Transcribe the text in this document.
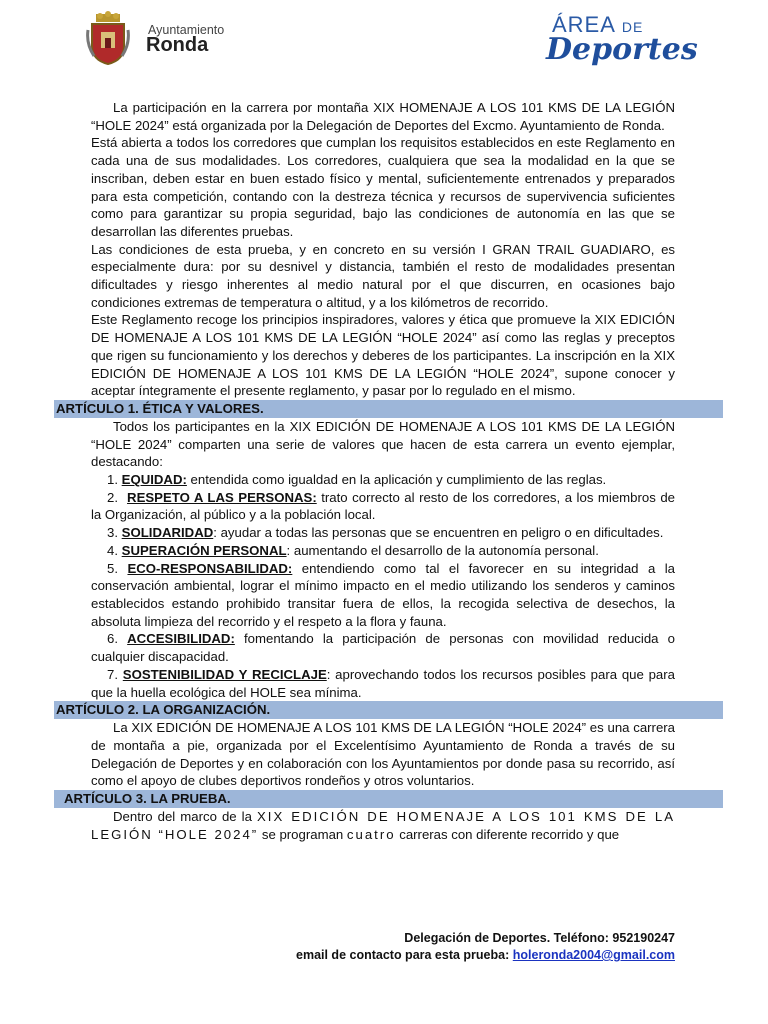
Ayuntamiento
Ronda
ÁREA DE
Deportes

La participación en la carrera por montaña XIX HOMENAJE A LOS 101 KMS DE LA LEGIÓN “HOLE 2024” está organizada por la Delegación de Deportes del Excmo. Ayuntamiento de Ronda.

Está abierta a todos los corredores que cumplan los requisitos establecidos en este Reglamento en cada una de sus modalidades. Los corredores, cualquiera que sea la modalidad en la que se inscriban, deben estar en buen estado físico y mental, suficientemente entrenados y preparados para esta competición, contando con la destreza técnica y recursos de supervivencia suficientes como para garantizar su propia seguridad, bajo las condiciones de autonomía en las que se desarrollan las diferentes pruebas.

Las condiciones de esta prueba, y en concreto en su versión I GRAN TRAIL GUADIARO, es especialmente dura: por su desnivel y distancia, también el resto de modalidades presentan dificultades y riesgo inherentes al medio natural por el que discurren, en ocasiones bajo condiciones extremas de temperatura o altitud, y a los kilómetros de recorrido.

Este Reglamento recoge los principios inspiradores, valores y ética que promueve la XIX EDICIÓN DE HOMENAJE A LOS 101 KMS DE LA LEGIÓN “HOLE 2024” así como las reglas y preceptos que rigen su funcionamiento y los derechos y deberes de los participantes. La inscripción en la XIX EDICIÓN DE HOMENAJE A LOS 101 KMS DE LA LEGIÓN “HOLE 2024”, supone conocer y aceptar íntegramente el presente reglamento, y pasar por lo regulado en el mismo.

ARTÍCULO 1. ÉTICA Y VALORES.

Todos los participantes en la XIX EDICIÓN DE HOMENAJE A LOS 101 KMS DE LA LEGIÓN “HOLE 2024” comparten una serie de valores que hacen de esta carrera un evento ejemplar, destacando:

1. EQUIDAD: entendida como igualdad en la aplicación y cumplimiento de las reglas.

2. RESPETO A LAS PERSONAS: trato correcto al resto de los corredores, a los miembros de la Organización, al público y a la población local.

3. SOLIDARIDAD: ayudar a todas las personas que se encuentren en peligro o en dificultades.

4. SUPERACIÓN PERSONAL: aumentando el desarrollo de la autonomía personal.

5. ECO-RESPONSABILIDAD: entendiendo como tal el favorecer en su integridad a la conservación ambiental, lograr el mínimo impacto en el medio utilizando los senderos y caminos establecidos estando prohibido transitar fuera de ellos, la recogida selectiva de desechos, la absoluta limpieza del recorrido y el respeto a la flora y fauna.

6. ACCESIBILIDAD: fomentando la participación de personas con movilidad reducida o cualquier discapacidad.

7. SOSTENIBILIDAD Y RECICLAJE: aprovechando todos los recursos posibles para que para que la huella ecológica del HOLE sea mínima.

ARTÍCULO 2. LA ORGANIZACIÓN.

La XIX EDICIÓN DE HOMENAJE A LOS 101 KMS DE LA LEGIÓN “HOLE 2024” es una carrera de montaña a pie, organizada por el Excelentísimo Ayuntamiento de Ronda a través de su Delegación de Deportes y en colaboración con los Ayuntamientos por donde pasa su recorrido, así como el apoyo de clubes deportivos rondeños y otros voluntarios.

ARTÍCULO 3. LA PRUEBA.

Dentro del marco de la XIX EDICIÓN DE HOMENAJE A LOS 101 KMS DE LA LEGIÓN “HOLE 2024” se programan cuatro carreras con diferente recorrido y que

Delegación de Deportes. Teléfono: 952190247
email de contacto para esta prueba: holeronda2004@gmail.com
